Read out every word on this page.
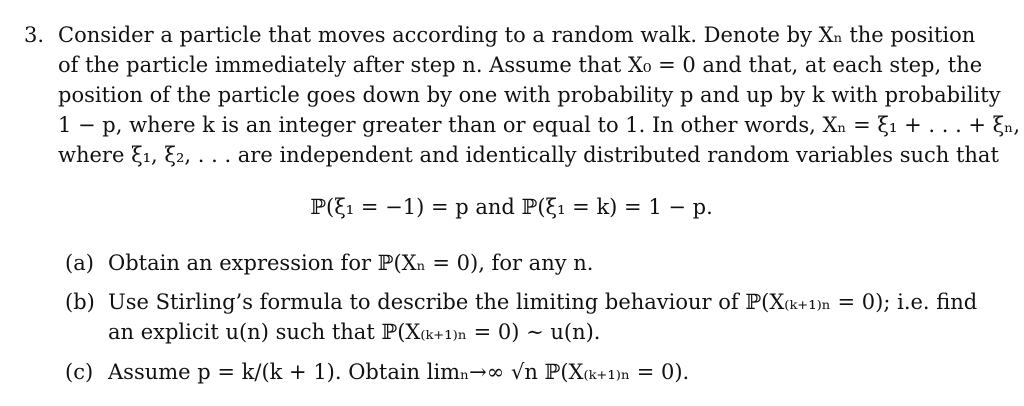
3. Consider a particle that moves according to a random walk. Denote by Xₙ the position
of the particle immediately after step n. Assume that X₀ = 0 and that, at each step, the
position of the particle goes down by one with probability p and up by k with probability
1 − p, where k is an integer greater than or equal to 1. In other words, Xₙ = ξ₁ + . . . + ξₙ,
where ξ₁, ξ₂, . . . are independent and identically distributed random variables such that
ℙ(ξ₁ = −1) = p and ℙ(ξ₁ = k) = 1 − p.
(a) Obtain an expression for ℙ(Xₙ = 0), for any n.
(b) Use Stirling’s formula to describe the limiting behaviour of ℙ(X₍ₖ₊₁₎ₙ = 0); i.e. find
an explicit u(n) such that ℙ(X₍ₖ₊₁₎ₙ = 0) ∼ u(n).
(c) Assume p = k/(k + 1). Obtain limₙ→∞ √n ℙ(X₍ₖ₊₁₎ₙ = 0).
